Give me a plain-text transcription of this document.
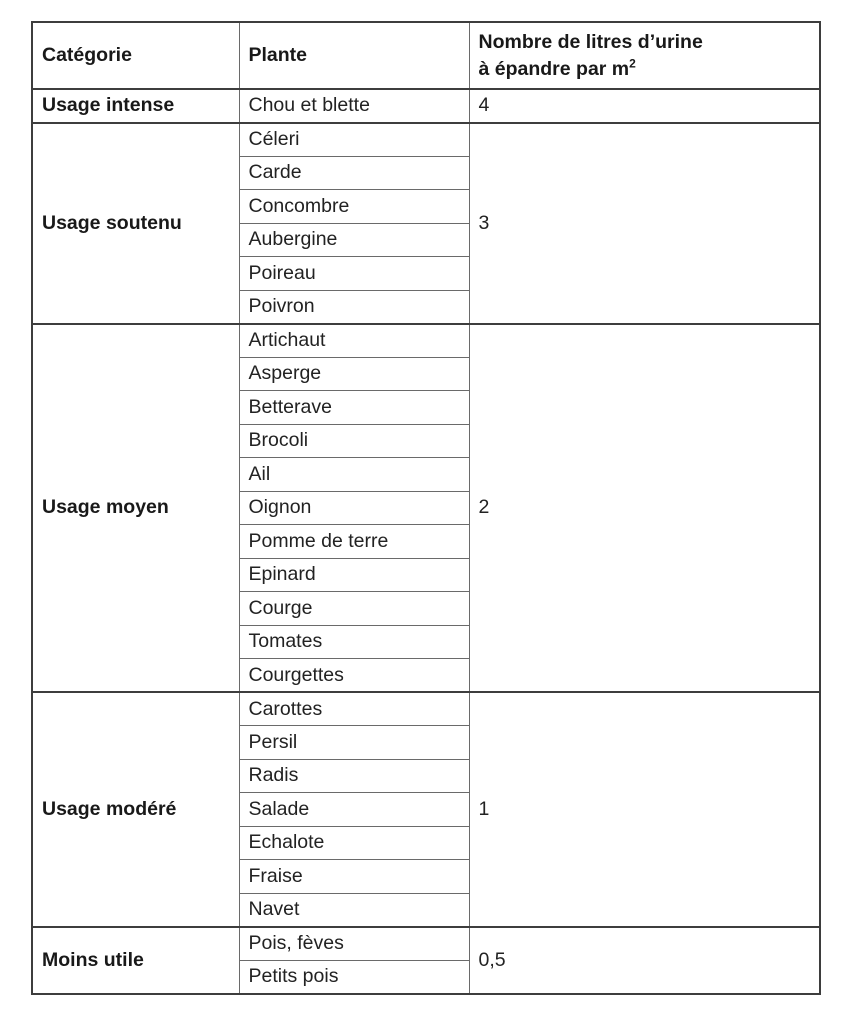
Catégorie	Plante	Nombre de litres d’urine
à épandre par $m^2$
Usage intense	Chou et blette	4
Usage soutenu	Céleri	3
	Carde	
	Concombre	
	Aubergine	
	Poireau	
	Poivron	
Usage moyen	Artichaut	2
	Asperge	
	Betterave	
	Brocoli	
	Ail	
	Oignon	
	Pomme de terre	
	Epinard	
	Courge	
	Tomates	
	Courgettes	
Usage modéré	Carottes	1
	Persil	
	Radis	
	Salade	
	Echalote	
	Fraise	
	Navet	
Moins utile	Pois, fèves	0,5
	Petits pois	
